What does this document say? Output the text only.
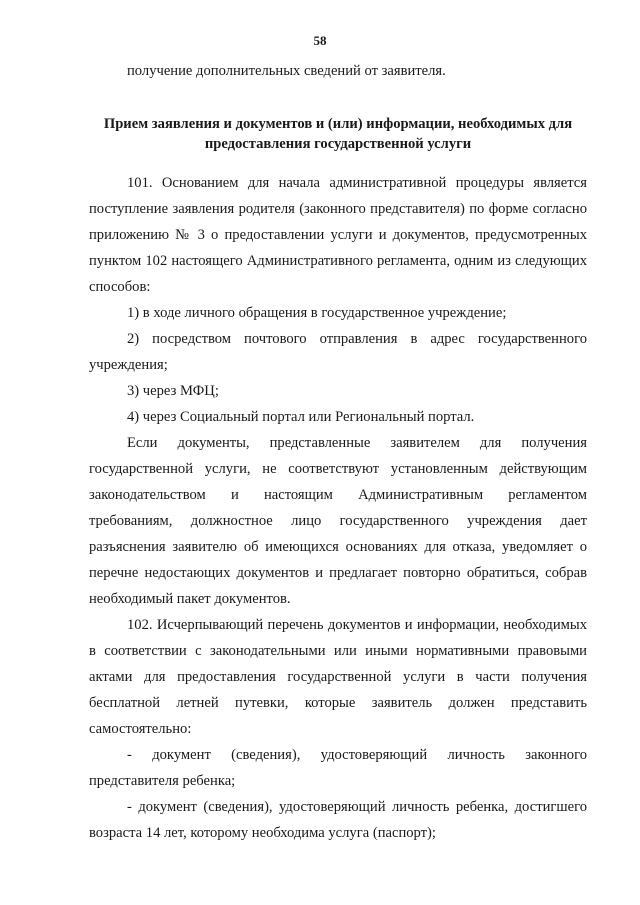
58

получение дополнительных сведений от заявителя.

Прием заявления и документов и (или) информации, необходимых для предоставления государственной услуги

101. Основанием для начала административной процедуры является поступление заявления родителя (законного представителя) по форме согласно приложению № 3 о предоставлении услуги и документов, предусмотренных пунктом 102 настоящего Административного регламента, одним из следующих способов:

1) в ходе личного обращения в государственное учреждение;

2) посредством почтового отправления в адрес государственного учреждения;

3) через МФЦ;

4) через Социальный портал или Региональный портал.

Если документы, представленные заявителем для получения государственной услуги, не соответствуют установленным действующим законодательством и настоящим Административным регламентом требованиям, должностное лицо государственного учреждения дает разъяснения заявителю об имеющихся основаниях для отказа, уведомляет о перечне недостающих документов и предлагает повторно обратиться, собрав необходимый пакет документов.

102. Исчерпывающий перечень документов и информации, необходимых в соответствии с законодательными или иными нормативными правовыми актами для предоставления государственной услуги в части получения бесплатной летней путевки, которые заявитель должен представить самостоятельно:

- документ (сведения), удостоверяющий личность законного представителя ребенка;

- документ (сведения), удостоверяющий личность ребенка, достигшего возраста 14 лет, которому необходима услуга (паспорт);
